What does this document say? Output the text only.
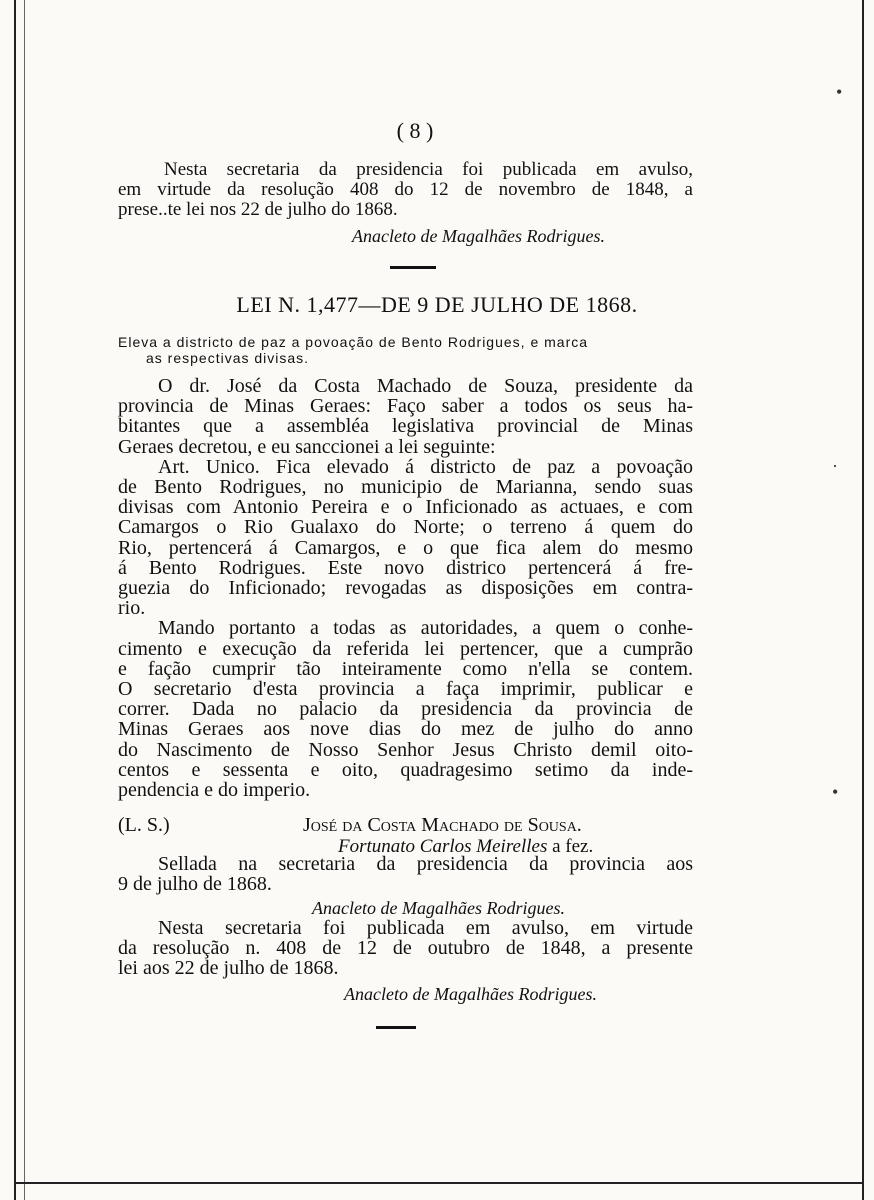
•
·
•
( 8 )
Nesta secretaria da presidencia foi publicada em avulso,
em virtude da resolução 408 do 12 de novembro de 1848, a
prese..te lei nos 22 de julho do 1868.
Anacleto de Magalhães Rodrigues.
LEI N. 1,477—DE 9 DE JULHO DE 1868.
Eleva a districto de paz a povoação de Bento Rodrigues, e marca
as respectivas divisas.
O dr. José da Costa Machado de Souza, presidente da
provincia de Minas Geraes: Faço saber a todos os seus ha-
bitantes que a assembléa legislativa provincial de Minas
Geraes decretou, e eu sanccionei a lei seguinte:
Art. Unico. Fica elevado á districto de paz a povoação
de Bento Rodrigues, no municipio de Marianna, sendo suas
divisas com Antonio Pereira e o Inficionado as actuaes, e com
Camargos o Rio Gualaxo do Norte; o terreno á quem do
Rio, pertencerá á Camargos, e o que fica alem do mesmo
á Bento Rodrigues. Este novo districo pertencerá á fre-
guezia do Inficionado; revogadas as disposições em contra-
rio.
Mando portanto a todas as autoridades, a quem o conhe-
cimento e execução da referida lei pertencer, que a cumprão
e fação cumprir tão inteiramente como n'ella se contem.
O secretario d'esta provincia a faça imprimir, publicar e
correr. Dada no palacio da presidencia da provincia de
Minas Geraes aos nove dias do mez de julho do anno
do Nascimento de Nosso Senhor Jesus Christo demil oito-
centos e sessenta e oito, quadragesimo setimo da inde-
pendencia e do imperio.
(L. S.)	José da Costa Machado de Sousa.
Fortunato Carlos Meirelles a fez.
Sellada na secretaria da presidencia da provincia aos
9 de julho de 1868.
Anacleto de Magalhães Rodrigues.
Nesta secretaria foi publicada em avulso, em virtude
da resolução n. 408 de 12 de outubro de 1848, a presente
lei aos 22 de julho de 1868.
Anacleto de Magalhães Rodrigues.
